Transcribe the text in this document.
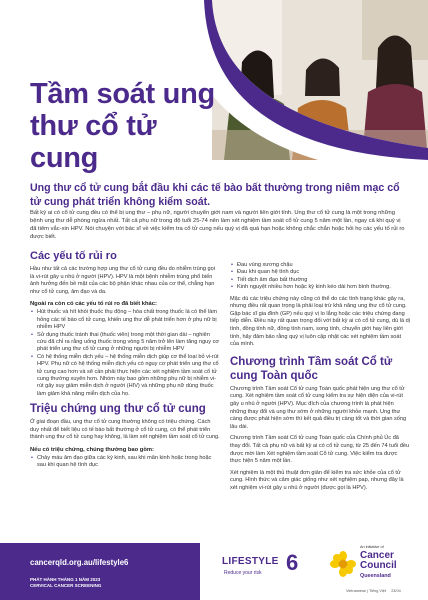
Tầm soát ung thư cổ tử cung

Ung thư cổ tử cung bắt đầu khi các tế bào bất thường trong niêm mạc cổ tử cung phát triển không kiểm soát.

Bất kỳ ai có cổ tử cung đều có thể bị ung thư – phụ nữ, người chuyển giới nam và người liên giới tính. Ung thư cổ tử cung là một trong những bệnh ung thư dễ phòng ngừa nhất. Tất cả phụ nữ trong độ tuổi 25-74 nên làm xét nghiệm tầm soát cổ tử cung 5 năm một lần, ngay cả khi quý vị đã tiêm vắc-xin HPV. Nói chuyện với bác sĩ về việc kiểm tra cổ tử cung nếu quý vị đã quá hạn hoặc không chắc chắn hoặc hỏi họ các yếu tố rủi ro được biết.

Các yếu tố rủi ro

Hầu như tất cả các trường hợp ung thư cổ tử cung đều do nhiễm trùng gọi là vi-rút gây u nhú ở người (HPV). HPV là một bệnh nhiễm trùng phổ biến ảnh hưởng đến bề mặt của các bộ phận khác nhau của cơ thể, chẳng hạn như cổ tử cung, âm đạo và da.

Ngoài ra còn có các yếu tố rủi ro đã biết khác:

• Hút thuốc và hít khói thuốc thụ động – hóa chất trong thuốc lá có thể làm hỏng các tế bào cổ tử cung, khiến ung thư dễ phát triển hơn ở phụ nữ bị nhiễm HPV
• Sử dụng thuốc tránh thai (thuốc viên) trong một thời gian dài – nghiên cứu đã chỉ ra rằng uống thuốc trong vòng 5 năm trở lên làm tăng nguy cơ phát triển ung thư cổ tử cung ở những người bị nhiễm HPV
• Có hệ thống miễn dịch yếu – hệ thống miễn dịch giúp cơ thể loại bỏ vi-rút HPV. Phụ nữ có hệ thống miễn dịch yếu có nguy cơ phát triển ung thư cổ tử cung cao hơn và sẽ cần phải thực hiện các xét nghiệm tầm soát cổ tử cung thường xuyên hơn. Nhóm này bao gồm những phụ nữ bị nhiễm vi-rút gây suy giảm miễn dịch ở người (HIV) và những phụ nữ dùng thuốc làm giảm khả năng miễn dịch của họ.
Triệu chứng ung thư cổ tử cung

Ở giai đoạn đầu, ung thư cổ tử cung thường không có triệu chứng. Cách duy nhất để biết liệu có tế bào bất thường ở cổ tử cung, có thể phát triển thành ung thư cổ tử cung hay không, là làm xét nghiệm tầm soát cổ tử cung.

Nếu có triệu chứng, chúng thường bao gồm:

• Chảy máu âm đạo giữa các kỳ kinh, sau khi mãn kinh hoặc trong hoặc sau khi quan hệ tình dục
• Đau vùng xương chậu
• Đau khi quan hệ tình dục
• Tiết dịch âm đạo bất thường
• Kinh nguyệt nhiều hơn hoặc kỳ kinh kéo dài hơn bình thường.

Mặc dù các triệu chứng này cũng có thể do các tình trạng khác gây ra, nhưng điều rất quan trọng là phải loại trừ khả năng ung thư cổ tử cung. Gặp bác sĩ gia đình (GP) nếu quý vị lo lắng hoặc các triệu chứng đang tiếp diễn. Điều này rất quan trọng đối với bất kỳ ai có cổ tử cung, dù là dị tính, đồng tính nữ, đồng tính nam, song tính, chuyển giới hay liên giới tính, hãy đảm bảo rằng quý vị luôn cập nhật các xét nghiệm tầm soát của mình.

Chương trình Tầm soát Cổ tử cung Toàn quốc

Chương trình Tầm soát Cổ tử cung Toàn quốc phát hiện ung thư cổ tử cung. Xét nghiệm tầm soát cổ tử cung kiểm tra sự hiện diện của vi-rút gây u nhú ở người (HPV). Mục đích của chương trình là phát hiện những thay đổi và ung thư sớm ở những người khỏe mạnh. Ung thư càng được phát hiện sớm thì kết quả điều trị càng tốt và thời gian sống lâu dài.

Chương trình Tầm soát Cổ tử cung Toàn quốc của Chính phủ Úc đã thay đổi. Tất cả phụ nữ và bất kỳ ai có cổ tử cung, từ 25 đến 74 tuổi đều được mời làm Xét nghiệm tầm soát Cổ tử cung. Việc kiểm tra được thực hiện 5 năm một lần.

Xét nghiệm là một thủ thuật đơn giản để kiểm tra sức khỏe của cổ tử cung. Hình thức và cảm giác giống như xét nghiệm pap, nhưng đây là xét nghiệm vi-rút gây u nhú ở người (được gọi là HPV).

cancerqld.org.au/lifestyle6
PHÁT HÀNH THÁNG 1 NĂM 2023
CERVICAL CANCER SCREENING
LIFESTYLE 6
Reduce your risk
An initiative of
Cancer
Council
Queensland
Vietnamese | Tiếng Việt 23/04
